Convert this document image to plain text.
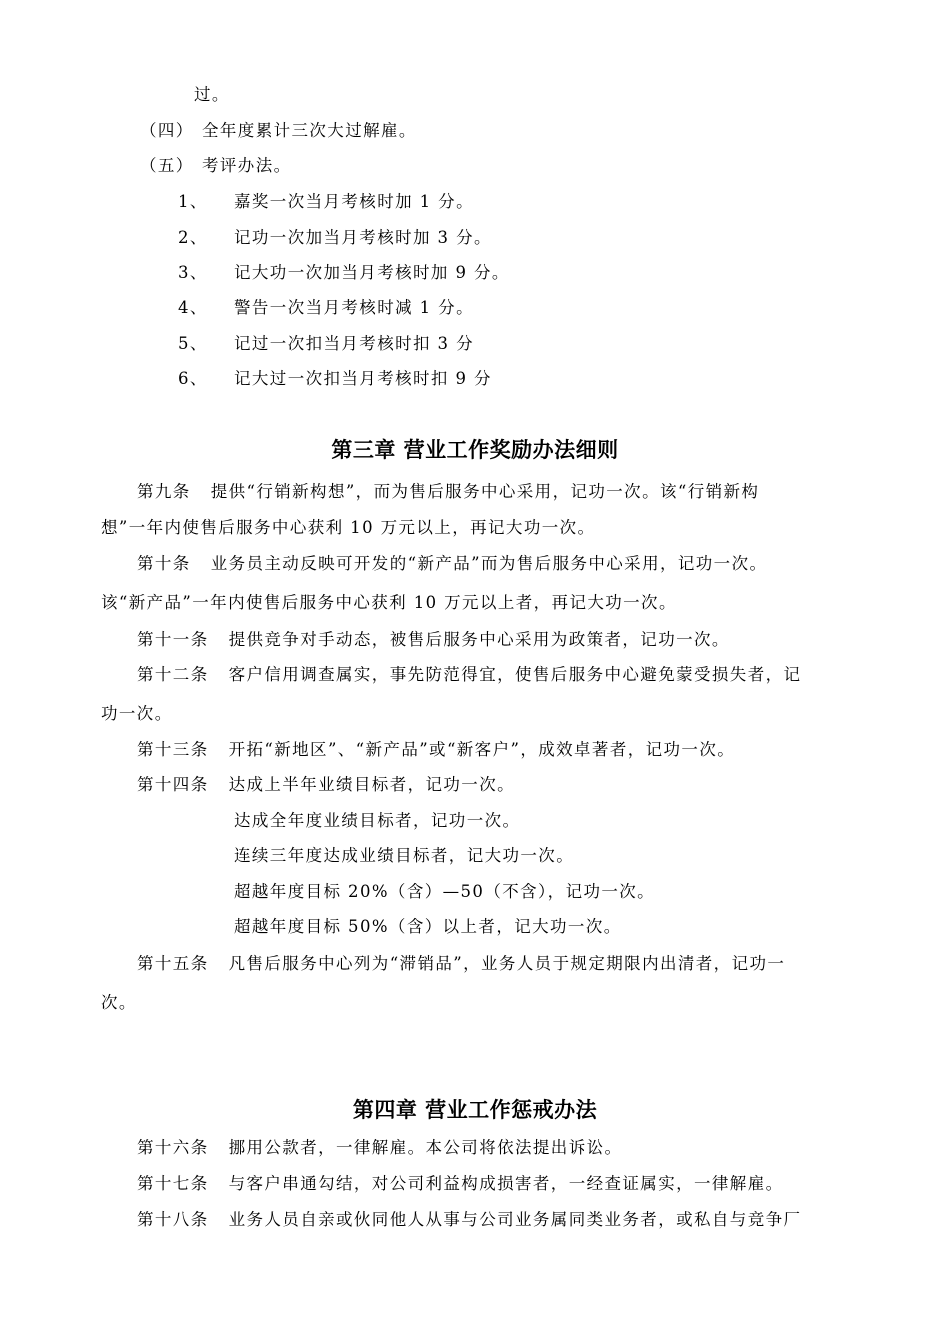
过。
（四） 全年度累计三次大过解雇。
（五） 考评办法。
1、 嘉奖一次当月考核时加 1 分。
2、 记功一次加当月考核时加 3 分。
3、 记大功一次加当月考核时加 9 分。
4、 警告一次当月考核时减 1 分。
5、 记过一次扣当月考核时扣 3 分
6、 记大过一次扣当月考核时扣 9 分
第三章 营业工作奖励办法细则
第九条 提供“行销新构想”，而为售后服务中心采用，记功一次。该“行销新构
想”一年内使售后服务中心获利 10 万元以上，再记大功一次。
第十条 业务员主动反映可开发的“新产品”而为售后服务中心采用，记功一次。
该“新产品”一年内使售后服务中心获利 10 万元以上者，再记大功一次。
第十一条 提供竞争对手动态，被售后服务中心采用为政策者，记功一次。
第十二条 客户信用调查属实，事先防范得宜，使售后服务中心避免蒙受损失者，记
功一次。
第十三条 开拓“新地区”、“新产品”或“新客户”，成效卓著者，记功一次。
第十四条 达成上半年业绩目标者，记功一次。
达成全年度业绩目标者，记功一次。
连续三年度达成业绩目标者，记大功一次。
超越年度目标 20%（含）—50（不含），记功一次。
超越年度目标 50%（含）以上者，记大功一次。
第十五条 凡售后服务中心列为“滞销品”，业务人员于规定期限内出清者，记功一
次。
第四章 营业工作惩戒办法
第十六条 挪用公款者，一律解雇。本公司将依法提出诉讼。
第十七条 与客户串通勾结，对公司利益构成损害者，一经查证属实，一律解雇。
第十八条 业务人员自亲或伙同他人从事与公司业务属同类业务者，或私自与竞争厂
